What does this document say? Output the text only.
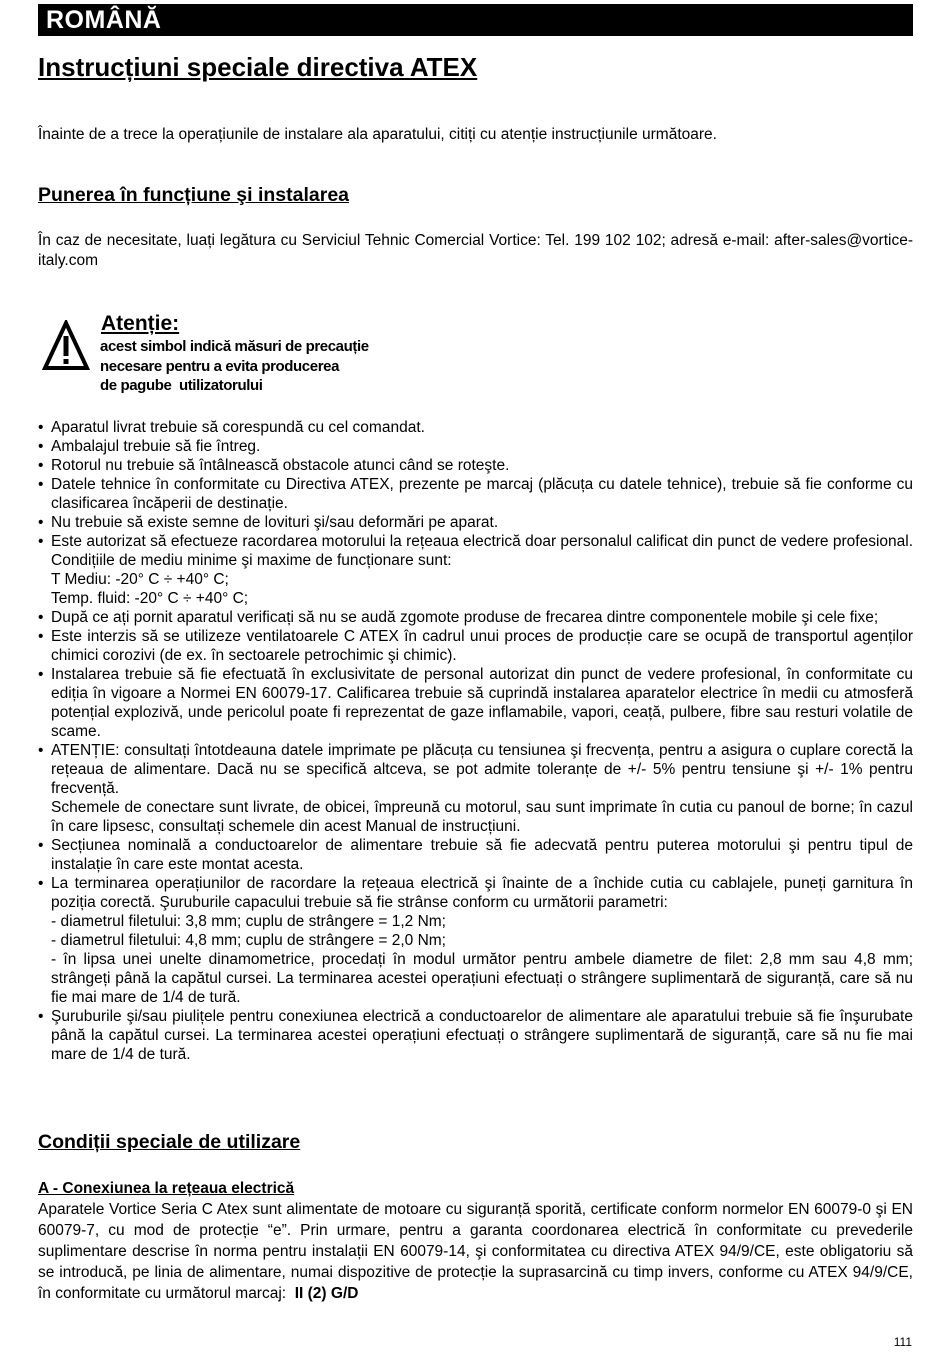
ROMÂNĂ
Instrucțiuni speciale directiva ATEX
Înainte de a trece la operațiunile de instalare ala aparatului, citiți cu atenție instrucțiunile următoare.
Punerea în funcțiune şi instalarea
În caz de necesitate, luați legătura cu Serviciul Tehnic Comercial Vortice: Tel. 199 102 102; adresă e-mail: after-sales@vortice-italy.com
Atenție:
acest simbol indică măsuri de precauție
necesare pentru a evita producerea
de pagube  utilizatorului
• Aparatul livrat trebuie să corespundă cu cel comandat.
• Ambalajul trebuie să fie întreg.
• Rotorul nu trebuie să întâlnească obstacole atunci când se roteşte.
• Datele tehnice în conformitate cu Directiva ATEX, prezente pe marcaj (plăcuța cu datele tehnice), trebuie să fie conforme cu clasificarea încăperii de destinație.
• Nu trebuie să existe semne de lovituri şi/sau deformări pe aparat.
• Este autorizat să efectueze racordarea motorului la rețeaua electrică doar personalul calificat din punct de vedere profesional. Condițiile de mediu minime şi maxime de funcționare sunt:
T Mediu: -20° C ÷ +40° C;
Temp. fluid: -20° C ÷ +40° C;
• După ce ați pornit aparatul verificați să nu se audă zgomote produse de frecarea dintre componentele mobile şi cele fixe;
• Este interzis să se utilizeze ventilatoarele C ATEX în cadrul unui proces de producție care se ocupă de transportul agenților chimici corozivi (de ex. în sectoarele petrochimic şi chimic).
• Instalarea trebuie să fie efectuată în exclusivitate de personal autorizat din punct de vedere profesional, în conformitate cu ediția în vigoare a Normei EN 60079-17. Calificarea trebuie să cuprindă instalarea aparatelor electrice în medii cu atmosferă potențial explozivă, unde pericolul poate fi reprezentat de gaze inflamabile, vapori, ceață, pulbere, fibre sau resturi volatile de scame.
• ATENȚIE: consultați întotdeauna datele imprimate pe plăcuța cu tensiunea şi frecvența, pentru a asigura o cuplare corectă la rețeaua de alimentare. Dacă nu se specifică altceva, se pot admite toleranțe de +/- 5% pentru tensiune şi +/- 1% pentru frecvență.
Schemele de conectare sunt livrate, de obicei, împreună cu motorul, sau sunt imprimate în cutia cu panoul de borne; în cazul în care lipsesc, consultați schemele din acest Manual de instrucțiuni.
• Secțiunea nominală a conductoarelor de alimentare trebuie să fie adecvată pentru puterea motorului şi pentru tipul de instalație în care este montat acesta.
• La terminarea operațiunilor de racordare la rețeaua electrică şi înainte de a închide cutia cu cablajele, puneți garnitura în poziția corectă. Şuruburile capacului trebuie să fie strânse conform cu următorii parametri:
- diametrul filetului: 3,8 mm; cuplu de strângere = 1,2 Nm;
- diametrul filetului: 4,8 mm; cuplu de strângere = 2,0 Nm;
- în lipsa unei unelte dinamometrice, procedați în modul următor pentru ambele diametre de filet: 2,8 mm sau 4,8 mm; strângeți până la capătul cursei. La terminarea acestei operațiuni efectuați o strângere suplimentară de siguranță, care să nu fie mai mare de 1/4 de tură.
• Şuruburile şi/sau piulițele pentru conexiunea electrică a conductoarelor de alimentare ale aparatului trebuie să fie înşurubate până la capătul cursei. La terminarea acestei operațiuni efectuați o strângere suplimentară de siguranță, care să nu fie mai mare de 1/4 de tură.
Condiții speciale de utilizare
A - Conexiunea la rețeaua electrică
Aparatele Vortice Seria C Atex sunt alimentate de motoare cu siguranță sporită, certificate conform normelor EN 60079-0 şi EN 60079-7, cu mod de protecție “e”. Prin urmare, pentru a garanta coordonarea electrică în conformitate cu prevederile suplimentare descrise în norma pentru instalații EN 60079-14, şi conformitatea cu directiva ATEX 94/9/CE, este obligatoriu să se introducă, pe linia de alimentare, numai dispozitive de protecție la suprasarcină cu timp invers, conforme cu ATEX 94/9/CE, în conformitate cu următorul marcaj: II (2) G/D
111
